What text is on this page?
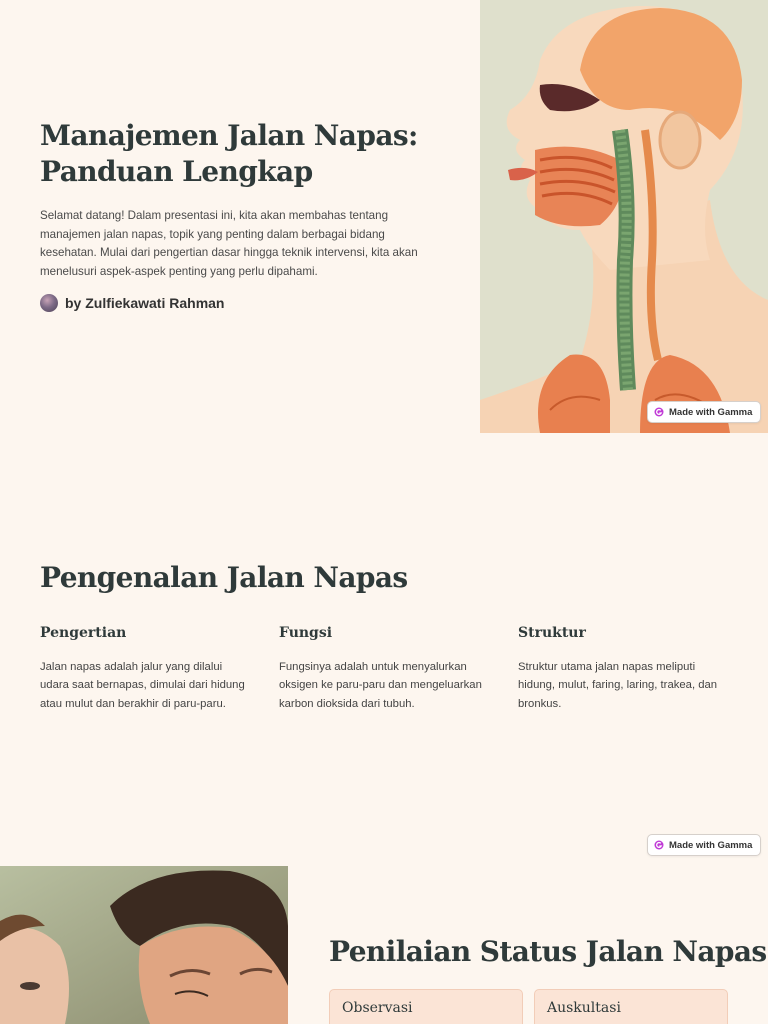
Manajemen Jalan Napas:
Panduan Lengkap

Selamat datang! Dalam presentasi ini, kita akan membahas tentang manajemen jalan napas, topik yang penting dalam berbagai bidang kesehatan. Mulai dari pengertian dasar hingga teknik intervensi, kita akan menelusuri aspek-aspek penting yang perlu dipahami.

by Zulfiekawati Rahman
Made with Gamma
Pengenalan Jalan Napas
Pengertian

Jalan napas adalah jalur yang dilalui udara saat bernapas, dimulai dari hidung atau mulut dan berakhir di paru-paru.

Fungsi

Fungsinya adalah untuk menyalurkan oksigen ke paru-paru dan mengeluarkan karbon dioksida dari tubuh.

Struktur

Struktur utama jalan napas meliputi hidung, mulut, faring, laring, trakea, dan bronkus.

Made with Gamma
Penilaian Status Jalan Napas
Observasi	Auskultasi
